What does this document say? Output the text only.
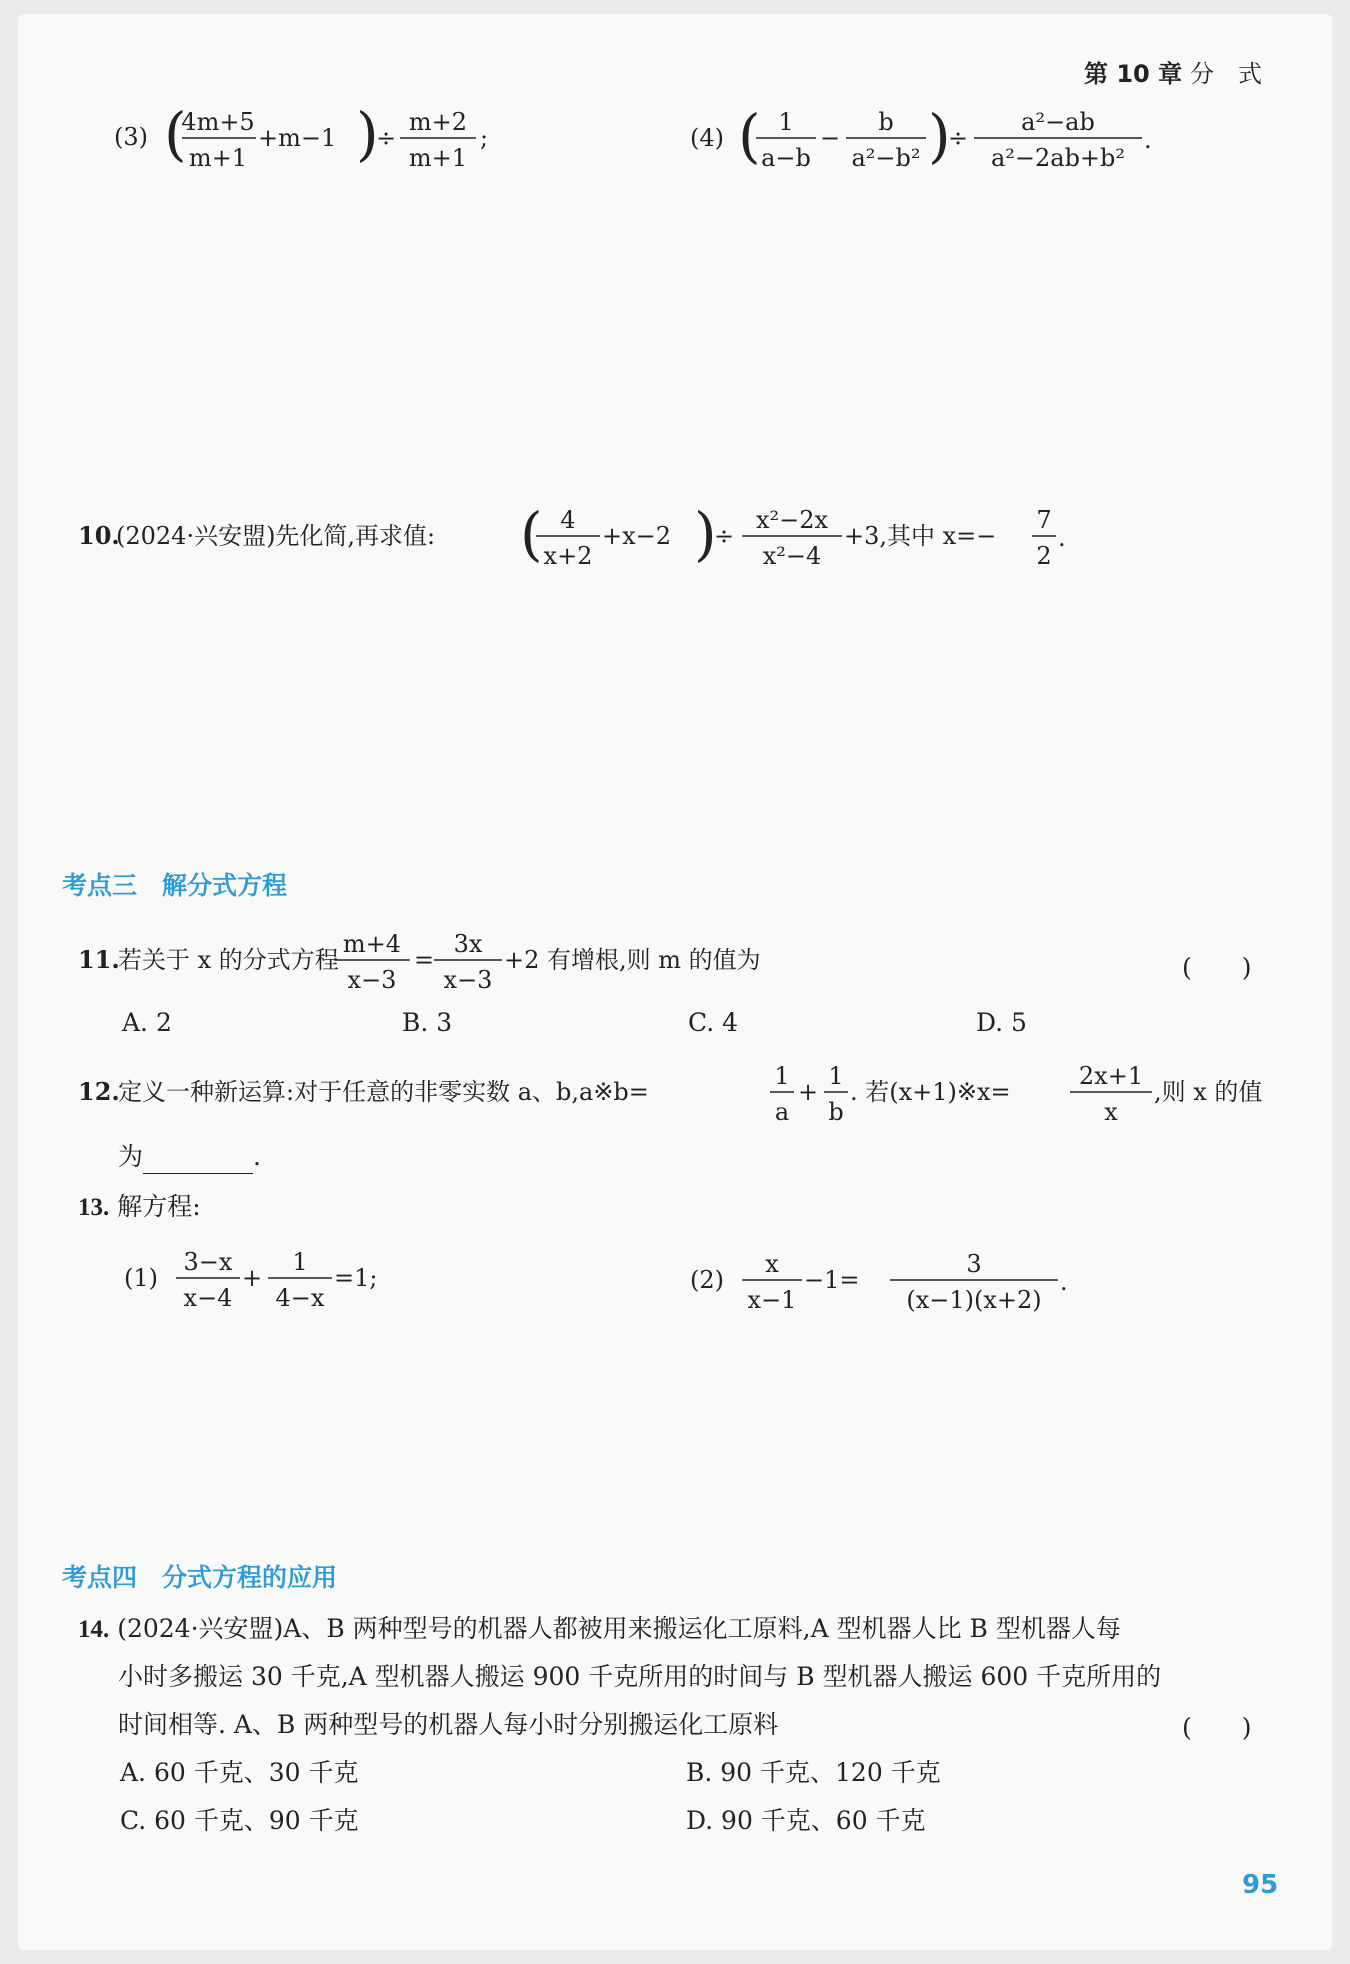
第 10 章 分　式
(3) (
4m+5
m+1
+m−1 )
÷
m+2
m+1
;	(4) ( 1
a−b
−
b
a²−b² )
÷
a²−ab
a²−2ab+b²
.
10.
(2024·兴安盟)先化简,再求值: ( 4
x+2
+x−2 )
÷
x²−2x
x²−4
+3,其中 x=−
7
2
.
考点三　解分式方程
11.
若关于 x 的分式方程
m+4
x−3
=
3x
x−3
+2 有增根,则 m 的值为	(　　)
A. 2	B. 3	C. 4	D. 5
12.
定义一种新运算:对于任意的非零实数 a、b,a※b=
1
a
+
1
b
. 若(x+1)※x=
2x+1
x
,则 x 的值
为	.
13. 解方程:
(1)
3−x
x−4
+
1
4−x
=1;	(2)
x
x−1
−1=
3
(x−1)(x+2)
.
考点四　分式方程的应用
14. (2024·兴安盟)A、B 两种型号的机器人都被用来搬运化工原料,A 型机器人比 B 型机器人每
小时多搬运 30 千克,A 型机器人搬运 900 千克所用的时间与 B 型机器人搬运 600 千克所用的
时间相等. A、B 两种型号的机器人每小时分别搬运化工原料	(　　)
A. 60 千克、30 千克	B. 90 千克、120 千克
C. 60 千克、90 千克	D. 90 千克、60 千克
95
